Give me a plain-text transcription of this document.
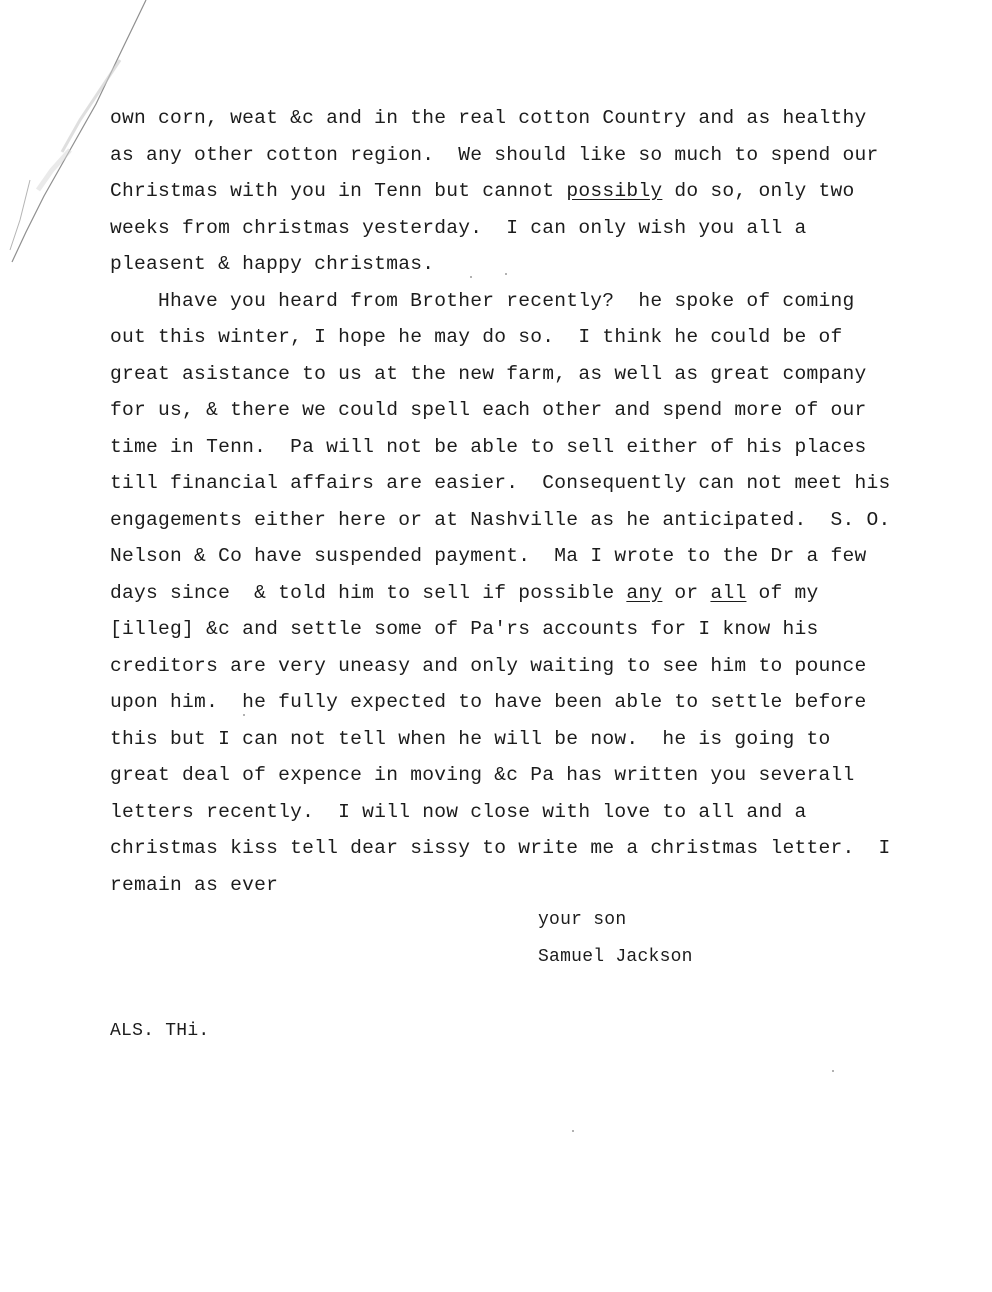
own corn, weat &c and in the real cotton Country and as healthy
as any other cotton region.  We should like so much to spend our
Christmas with you in Tenn but cannot possibly do so, only two
weeks from christmas yesterday.  I can only wish you all a
pleasent & happy christmas.
Hhave you heard from Brother recently?  he spoke of coming
out this winter, I hope he may do so.  I think he could be of
great asistance to us at the new farm, as well as great company
for us, & there we could spell each other and spend more of our
time in Tenn.  Pa will not be able to sell either of his places
till financial affairs are easier.  Consequently can not meet his
engagements either here or at Nashville as he anticipated.  S. O.
Nelson & Co have suspended payment.  Ma I wrote to the Dr a few
days since  & told him to sell if possible any or all of my
[illeg] &c and settle some of Pa'rs accounts for I know his
creditors are very uneasy and only waiting to see him to pounce
upon him.  he fully expected to have been able to settle before
this but I can not tell when he will be now.  he is going to
great deal of expence in moving &c Pa has written you severall
letters recently.  I will now close with love to all and a
christmas kiss tell dear sissy to write me a christmas letter.  I
remain as ever
your son
Samuel Jackson
ALS. THi.
